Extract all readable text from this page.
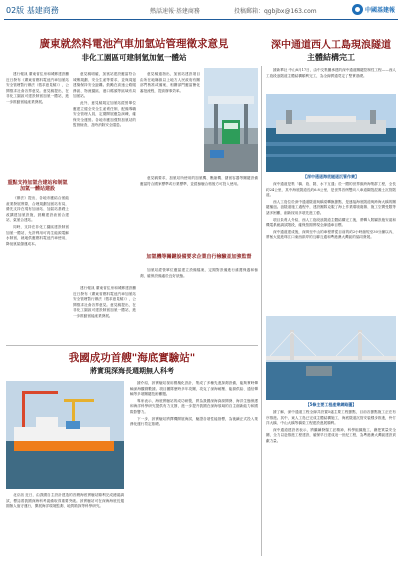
02版 基建商務	熱話速報·基建商務	投稿郵箱：qgbjbx@163.com	中國基建報
廣東就然料電池汽車加氫站管理徵求意見
非化工園區可建制氫加氫一體站
深中通道西人工島現浪隧道
主體結構完工

建行報訊 廣東省住房和城鄉建設廳近日發布《廣東省燃料電池汽車加氫站安全管理暫行辦法（徵求意見稿）》，公開徵求社會各界意見。意見稿提出，在非化工園區可建設制氫加氫一體站，進一步推動氫能產業發展。

意見稿明確，加氫站建設應當符合城鄉規劃、安全生產等要求，並與周邊建築保持安全距離。鼓勵在高速公路服務區、物流園區、港口碼頭等區域布局加氫站。

此外，意見稿規定加氫站經營單位應建立健全安全生產責任制，配備專職安全管理人員，定期開展應急演練，確保安全運營。各地市應加強對加氫站的監督檢查，及時消除安全隱患。

意見稿還指出，加氫站建設項目由所在地縣級以上地方人民政府有關部門核准或備案，相關部門應當簡化審批流程，提高辦事效率。

重點支持加氫合建站和制氫加氫一體站建設

《辦法》提出，各地市應結合氫能產業發展實際，合理規劃加氫站布局，優先支持在現有加油站、加氣站基礎上改擴建加氫設施，鼓勵建設油氫合建站、氣氫合建站。

同時，支持在非化工園區建設制氫加氫一體站，允許利用可再生能源電解水制氫，就地供應燃料電池汽車使用，降低氫氣儲運成本。

意見稿要求，加氫站所使用的加氫機、壓縮機、儲氫容器等關鍵設備應當符合國家標準或行業標準，並經檢驗合格後方可投入使用。

加氫機等關鍵設備要求企業自行檢驗並加強監督

加氫站經營單位應當建立設備檔案，定期對設備進行維護保養和檢測，確保設備處於良好狀態。

建行報訊 廣東省住房和城鄉建設廳近日發布《廣東省燃料電池汽車加氫站安全管理暫行辦法（徵求意見稿）》，公開徵求社會各界意見。意見稿提出，在非化工園區可建設制氫加氫一體站，進一步推動氫能產業發展。

我國成功首艘"海底實驗站"
將實現深海長週期無人科考

北京訊 近日，由我國自主設計建造的首艘海底實驗站順利完成總裝調試，標誌着我國深海科考裝備取得重要突破。該實驗站可在深海海底長週期無人值守運行，開展海洋環境監測、地質勘探等科學研究。

據介紹，該實驗站採用模塊化設計，集成了多種先進探測設備，能夠實時傳輸深海觀測數據。項目團隊歷時多年攻關，攻克了深海耐壓、能源供給、通信傳輸等多項關鍵技術難題。

專家表示，海底實驗站的成功研製，將為我國深海資源開發、海洋生態保護和海洋科學研究提供有力支撐，進一步提升我國在深海領域的自主創新能力和國際影響力。

下一步，該實驗站將擇機開展海試，驗證各項性能指標，為後續正式投入業務化運行奠定基礎。

據新華社 中山8月17日，由中交集團承建的深中通道關鍵控制性工程——西人工島段浪隧道主體結構順利完工，為全線貫通奠定了堅實基礎。

【深中通道海底隧道沉管作業】

深中通道是集「橋、島、隧、水下互通」於一體的世界級跨海集群工程，全長約24公里，其中海底隧道長約6.8公里，是世界首例雙向八車道鋼殼混凝土沉管隧道。

西人工島位於深中通道隧道與橋梁轉換節點，是連接海底隧道與跨海大橋的關鍵樞紐。浪隧道施工過程中，建設團隊克服了海上作業環境複雜、施工空間受限等諸多困難，創新採用多項先進工藝。

項目負責人介紹，西人工島段浪隧道主體結構完工後，將轉入附屬設施安裝和機電系統調試階段，確保按期實現全線通車目標。

深中通道建成後，深圳至中山的車程將從目前的約2小時縮短至30分鐘以內，將極大促進珠江口東西兩岸的互聯互通和粵港澳大灣區的協同發展。

【5條主要工程產業網路圖】

據了解，深中通道工程全線共設置5處主要工程節點，目前各節點施工正在有序推進。其中，東人工島已完成主體結構施工，海底隧道沉管安裝穩步推進，伶仃洋大橋、中山大橋等橋梁工程建設進展順利。

深中通道建設者表示，將繼續發揚工匠精神，科學組織施工，嚴把質量安全關，全力以赴推進工程建設，確保早日建成這一世紀工程，為粵港澳大灣區建設貢獻力量。
